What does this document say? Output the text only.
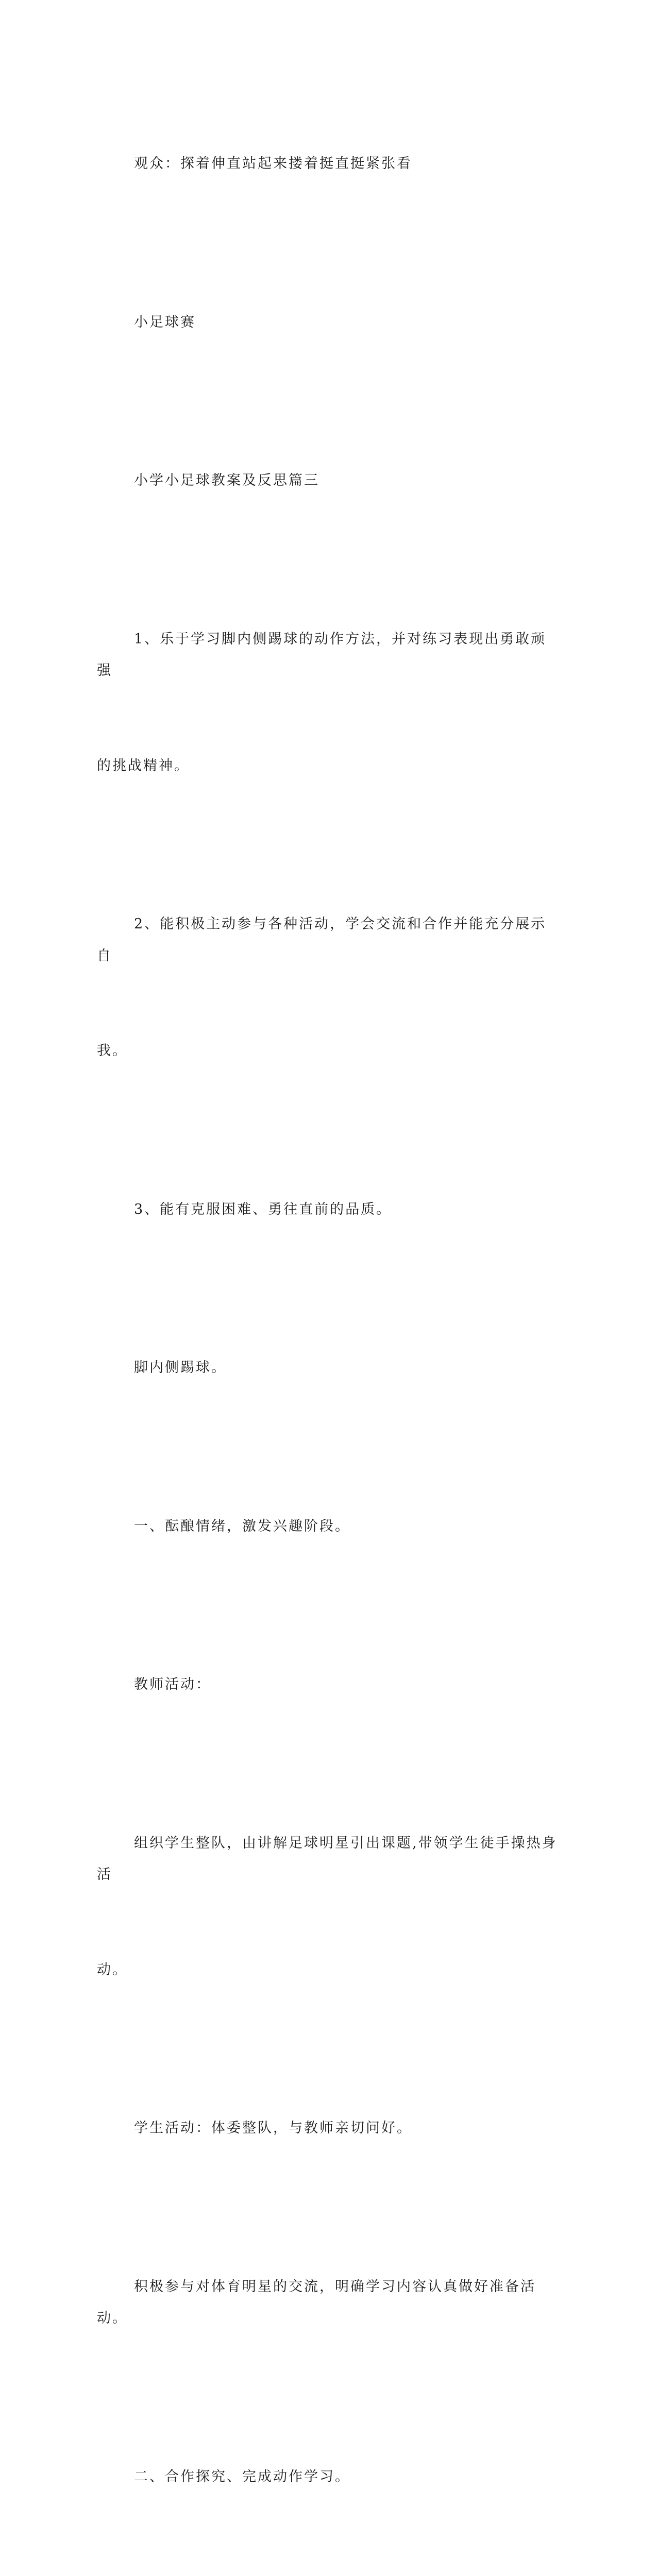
观众：探着伸直站起来搂着挺直挺紧张看

小足球赛

小学小足球教案及反思篇三

1、乐于学习脚内侧踢球的动作方法，并对练习表现出勇敢顽强

的挑战精神。

2、能积极主动参与各种活动，学会交流和合作并能充分展示自

我。

3、能有克服困难、勇往直前的品质。

脚内侧踢球。

一、酝酿情绪，激发兴趣阶段。

教师活动：

组织学生整队，由讲解足球明星引出课题,带领学生徒手操热身活

动。

学生活动：体委整队，与教师亲切问好。

积极参与对体育明星的交流，明确学习内容认真做好准备活动。

二、合作探究、完成动作学习。
